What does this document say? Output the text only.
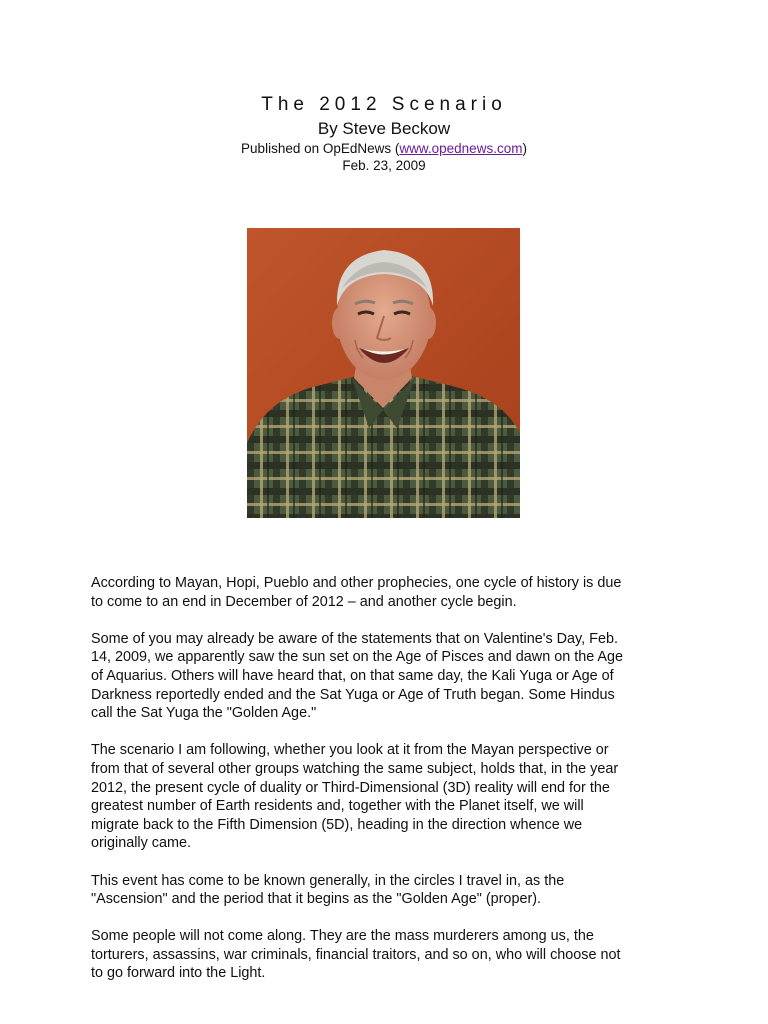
The 2012 Scenario
By Steve Beckow
Published on OpEdNews (www.opednews.com)
Feb. 23, 2009

According to Mayan, Hopi, Pueblo and other prophecies, one cycle of history is due
to come to an end in December of 2012 – and another cycle begin.

Some of you may already be aware of the statements that on Valentine's Day, Feb.
14, 2009, we apparently saw the sun set on the Age of Pisces and dawn on the Age
of Aquarius. Others will have heard that, on that same day, the Kali Yuga or Age of
Darkness reportedly ended and the Sat Yuga or Age of Truth began. Some Hindus
call the Sat Yuga the "Golden Age."

The scenario I am following, whether you look at it from the Mayan perspective or
from that of several other groups watching the same subject, holds that, in the year
2012, the present cycle of duality or Third-Dimensional (3D) reality will end for the
greatest number of Earth residents and, together with the Planet itself, we will
migrate back to the Fifth Dimension (5D), heading in the direction whence we
originally came.

This event has come to be known generally, in the circles I travel in, as the
"Ascension" and the period that it begins as the "Golden Age" (proper).

Some people will not come along. They are the mass murderers among us, the
torturers, assassins, war criminals, financial traitors, and so on, who will choose not
to go forward into the Light.
